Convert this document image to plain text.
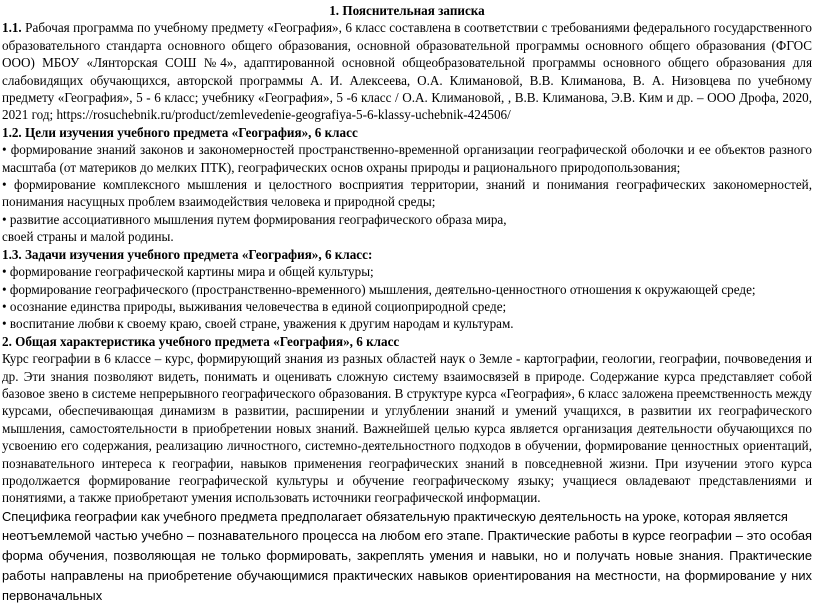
1. Пояснительная записка

1.1. Рабочая программа по учебному предмету «География», 6 класс составлена в соответствии с требованиями федерального государственного образовательного стандарта основного общего образования, основной образовательной программы основного общего образования (ФГОС ООО) МБОУ «Лянторская СОШ №4», адаптированной основной общеобразовательной программы основного общего образования для слабовидящих обучающихся, авторской программы А. И. Алексеева, О.А. Климановой, В.В. Климанова, В. А. Низовцева по учебному предмету «География», 5 - 6 класс; учебнику «География», 5 -6 класс / О.А. Климановой, , В.В. Климанова, Э.В. Ким и др. – ООО Дрофа, 2020, 2021 год; https://rosuchebnik.ru/product/zemlevedenie-geografiya-5-6-klassy-uchebnik-424506/

1.2. Цели изучения учебного предмета «География», 6 класс

• формирование знаний законов и закономерностей пространственно-временной организации географической оболочки и ее объектов разного масштаба (от материков до мелких ПТК), географических основ охраны природы и рационального природопользования;

• формирование комплексного мышления и целостного восприятия территории, знаний и понимания географических закономерностей, понимания насущных проблем взаимодействия человека и природной среды;

• развитие ассоциативного мышления путем формирования географического образа мира,

своей страны и малой родины.

1.3. Задачи изучения учебного предмета «География», 6 класс:

• формирование географической картины мира и общей культуры;

• формирование географического (пространственно-временного) мышления, деятельно-ценностного отношения к окружающей среде;

• осознание единства природы, выживания человечества в единой социоприродной среде;

• воспитание любви к своему краю, своей стране, уважения к другим народам и культурам.

2. Общая характеристика учебного предмета «География», 6 класс

Курс географии в 6 классе – курс, формирующий знания из разных областей наук о Земле - картографии, геологии, географии, почвоведения и др. Эти знания позволяют видеть, понимать и оценивать сложную систему взаимосвязей в природе. Содержание курса представляет собой базовое звено в системе непрерывного географического образования. В структуре курса «География», 6 класс заложена преемственность между курсами, обеспечивающая динамизм в развитии, расширении и углублении знаний и умений учащихся, в развитии их географического мышления, самостоятельности в приобретении новых знаний. Важнейшей целью курса является организация деятельности обучающихся по усвоению его содержания, реализацию личностного, системно-деятельностного подходов в обучении, формирование ценностных ориентаций, познавательного интереса к географии, навыков применения географических знаний в повседневной жизни. При изучении этого курса продолжается формирование географической культуры и обучение географическому языку; учащиеся овладевают представлениями и понятиями, а также приобретают умения использовать источники географической информации.

Специфика географии как учебного предмета предполагает обязательную практическую деятельность на уроке, которая является

неотъемлемой частью учебно – познавательного процесса на любом его этапе. Практические работы в курсе географии – это особая форма обучения, позволяющая не только формировать, закреплять умения и навыки, но и получать новые знания. Практические работы направлены на приобретение обучающимися практических навыков ориентирования на местности, на формирование у них первоначальных
